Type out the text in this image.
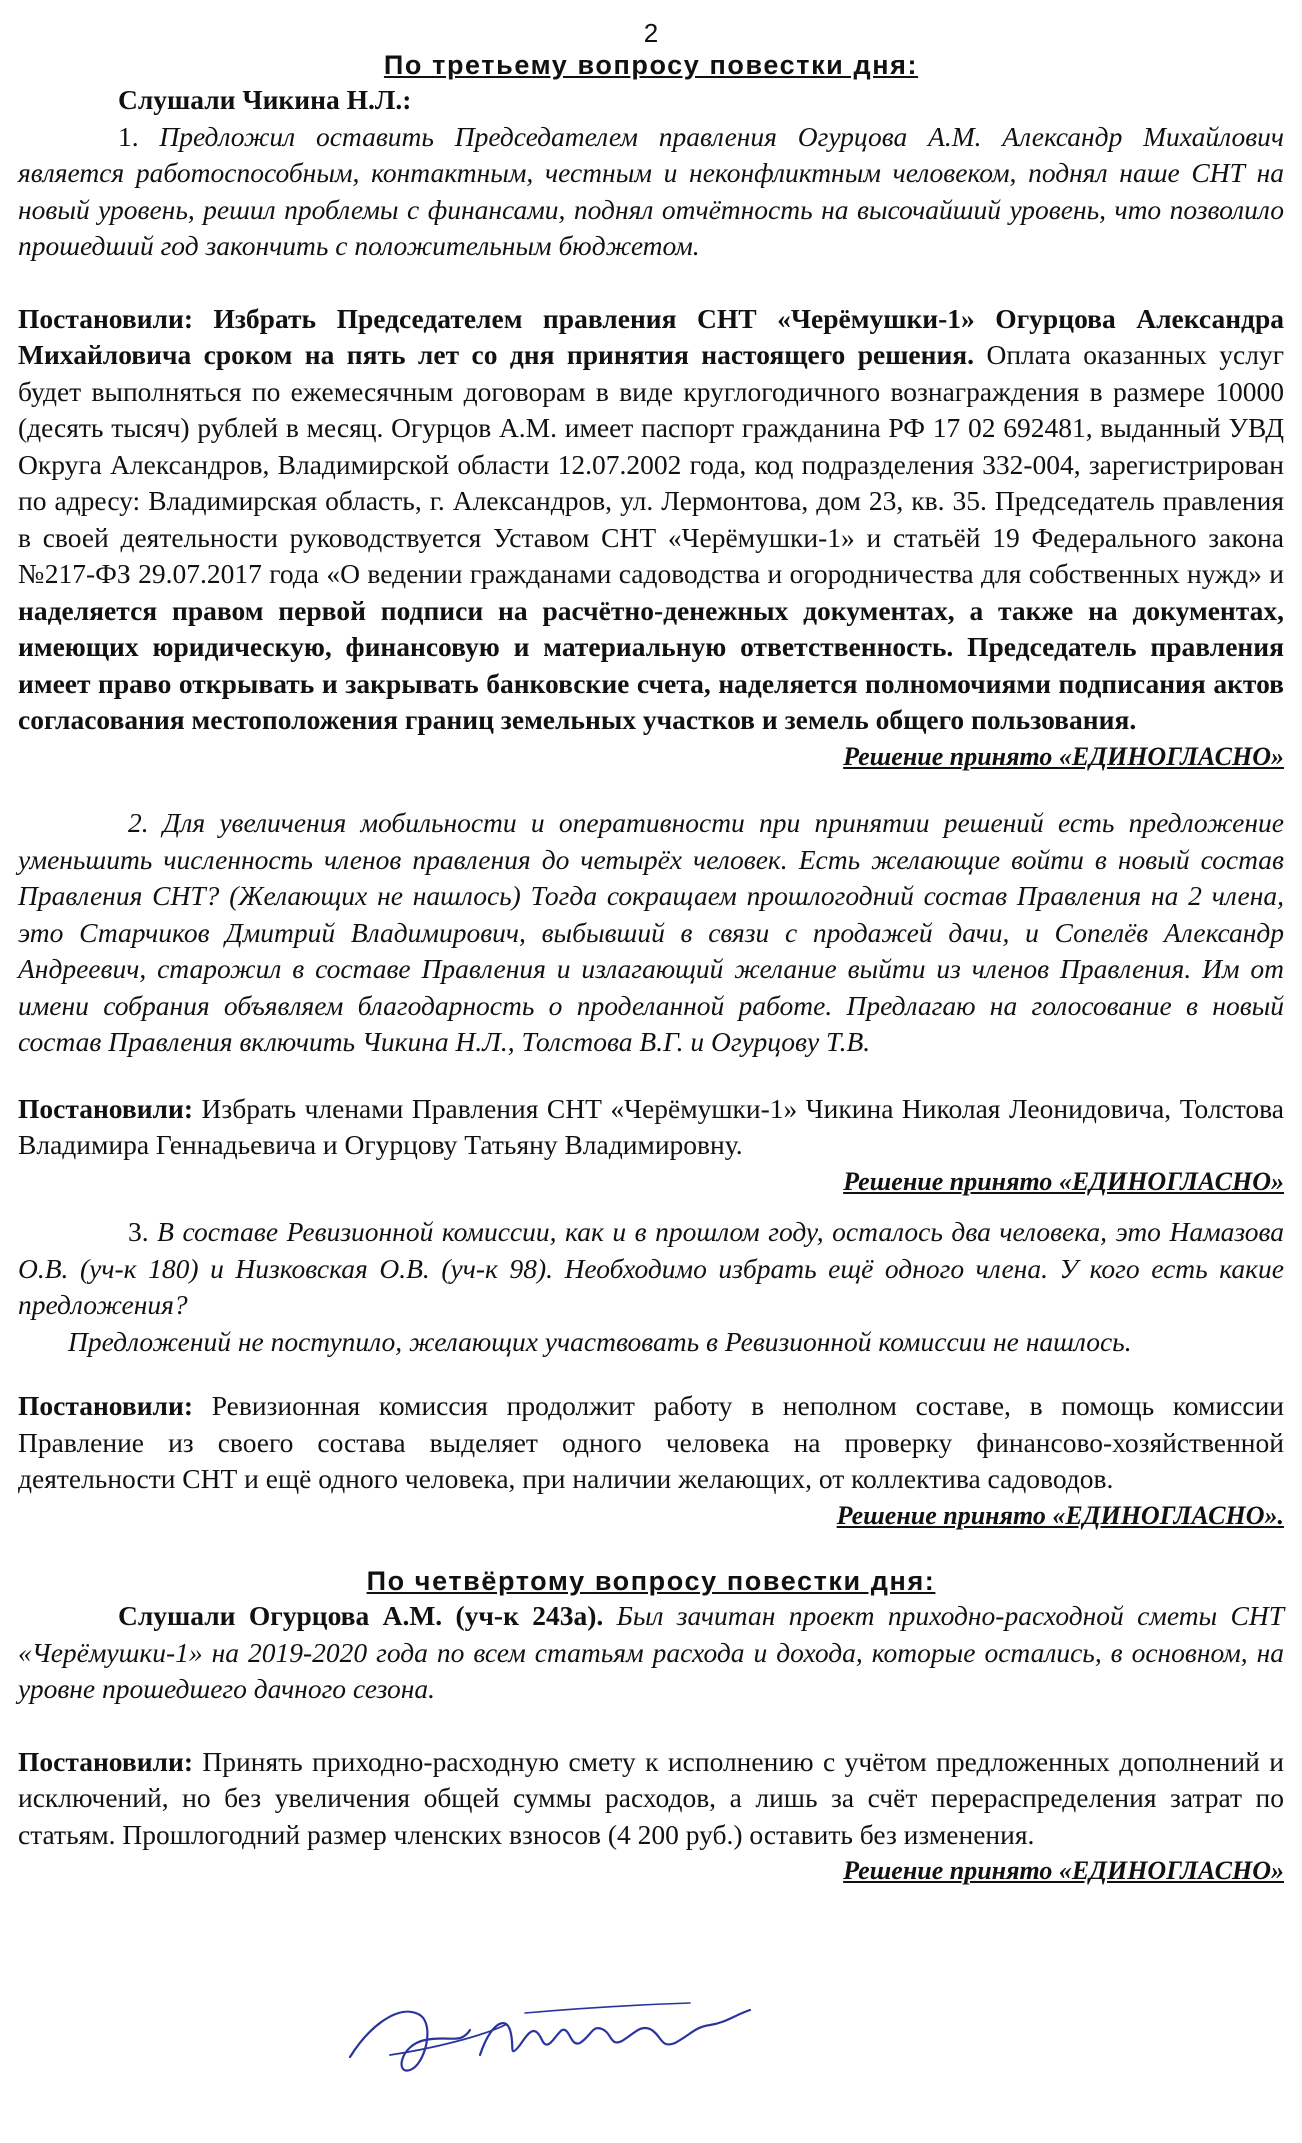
2
По третьему вопросу повестки дня:

Слушали Чикина Н.Л.:

1. Предложил оставить Председателем правления Огурцова А.М. Александр Михайлович является работоспособным, контактным, честным и неконфликтным человеком, поднял наше СНТ на новый уровень, решил проблемы с финансами, поднял отчётность на высочайший уровень, что позволило прошедший год закончить с положительным бюджетом.

Постановили: Избрать Председателем правления СНТ «Черёмушки-1» Огурцова Александра Михайловича сроком на пять лет со дня принятия настоящего решения. Оплата оказанных услуг будет выполняться по ежемесячным договорам в виде круглогодичного вознаграждения в размере 10000 (десять тысяч) рублей в месяц. Огурцов А.М. имеет паспорт гражданина РФ 17 02 692481, выданный УВД Округа Александров, Владимирской области 12.07.2002 года, код подразделения 332-004, зарегистрирован по адресу: Владимирская область, г. Александров, ул. Лермонтова, дом 23, кв. 35. Председатель правления в своей деятельности руководствуется Уставом СНТ «Черёмушки-1» и статьёй 19 Федерального закона №217-ФЗ 29.07.2017 года «О ведении гражданами садоводства и огородничества для собственных нужд» и наделяется правом первой подписи на расчётно-денежных документах, а также на документах, имеющих юридическую, финансовую и материальную ответственность. Председатель правления имеет право открывать и закрывать банковские счета, наделяется полномочиями подписания актов согласования местоположения границ земельных участков и земель общего пользования.

Решение принято «ЕДИНОГЛАСНО»

2. Для увеличения мобильности и оперативности при принятии решений есть предложение уменьшить численность членов правления до четырёх человек. Есть желающие войти в новый состав Правления СНТ? (Желающих не нашлось) Тогда сокращаем прошлогодний состав Правления на 2 члена, это Старчиков Дмитрий Владимирович, выбывший в связи с продажей дачи, и Сопелёв Александр Андреевич, старожил в составе Правления и излагающий желание выйти из членов Правления. Им от имени собрания объявляем благодарность о проделанной работе. Предлагаю на голосование в новый состав Правления включить Чикина Н.Л., Толстова В.Г. и Огурцову Т.В.

Постановили: Избрать членами Правления СНТ «Черёмушки-1» Чикина Николая Леонидовича, Толстова Владимира Геннадьевича и Огурцову Татьяну Владимировну.

Решение принято «ЕДИНОГЛАСНО»

3. В составе Ревизионной комиссии, как и в прошлом году, осталось два человека, это Намазова О.В. (уч-к 180) и Низковская О.В. (уч-к 98). Необходимо избрать ещё одного члена. У кого есть какие предложения?

Предложений не поступило, желающих участвовать в Ревизионной комиссии не нашлось.

Постановили: Ревизионная комиссия продолжит работу в неполном составе, в помощь комиссии Правление из своего состава выделяет одного человека на проверку финансово-хозяйственной деятельности СНТ и ещё одного человека, при наличии желающих, от коллектива садоводов.

Решение принято «ЕДИНОГЛАСНО».
По четвёртому вопросу повестки дня:

Слушали Огурцова А.М. (уч-к 243а). Был зачитан проект приходно-расходной сметы СНТ «Черёмушки-1» на 2019-2020 года по всем статьям расхода и дохода, которые остались, в основном, на уровне прошедшего дачного сезона.

Постановили: Принять приходно-расходную смету к исполнению с учётом предложенных дополнений и исключений, но без увеличения общей суммы расходов, а лишь за счёт перераспределения затрат по статьям. Прошлогодний размер членских взносов (4 200 руб.) оставить без изменения.

Решение принято «ЕДИНОГЛАСНО»
